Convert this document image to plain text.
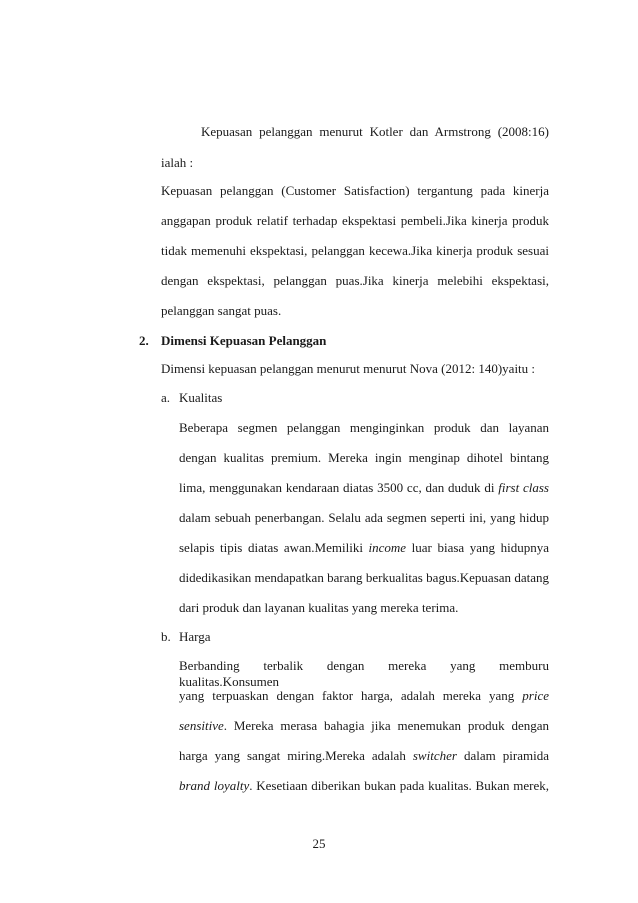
Kepuasan pelanggan menurut Kotler dan Armstrong (2008:16)
ialah :
Kepuasan pelanggan (Customer Satisfaction) tergantung pada kinerja
anggapan produk relatif terhadap ekspektasi pembeli.Jika kinerja produk
tidak memenuhi ekspektasi, pelanggan kecewa.Jika kinerja produk sesuai
dengan ekspektasi, pelanggan puas.Jika kinerja melebihi ekspektasi,
pelanggan sangat puas.
2. Dimensi Kepuasan Pelanggan
Dimensi kepuasan pelanggan menurut menurut Nova (2012: 140)yaitu :
a. Kualitas
Beberapa segmen pelanggan menginginkan produk dan layanan
dengan kualitas premium. Mereka ingin menginap dihotel bintang
lima, menggunakan kendaraan diatas 3500 cc, dan duduk di first class
dalam sebuah penerbangan. Selalu ada segmen seperti ini, yang hidup
selapis tipis diatas awan.Memiliki income luar biasa yang hidupnya
didedikasikan mendapatkan barang berkualitas bagus.Kepuasan datang
dari produk dan layanan kualitas yang mereka terima.
b. Harga
Berbanding terbalik dengan mereka yang memburu kualitas.Konsumen
yang terpuaskan dengan faktor harga, adalah mereka yang price
sensitive. Mereka merasa bahagia jika menemukan produk dengan
harga yang sangat miring.Mereka adalah switcher dalam piramida
brand loyalty. Kesetiaan diberikan bukan pada kualitas. Bukan merek,
25
